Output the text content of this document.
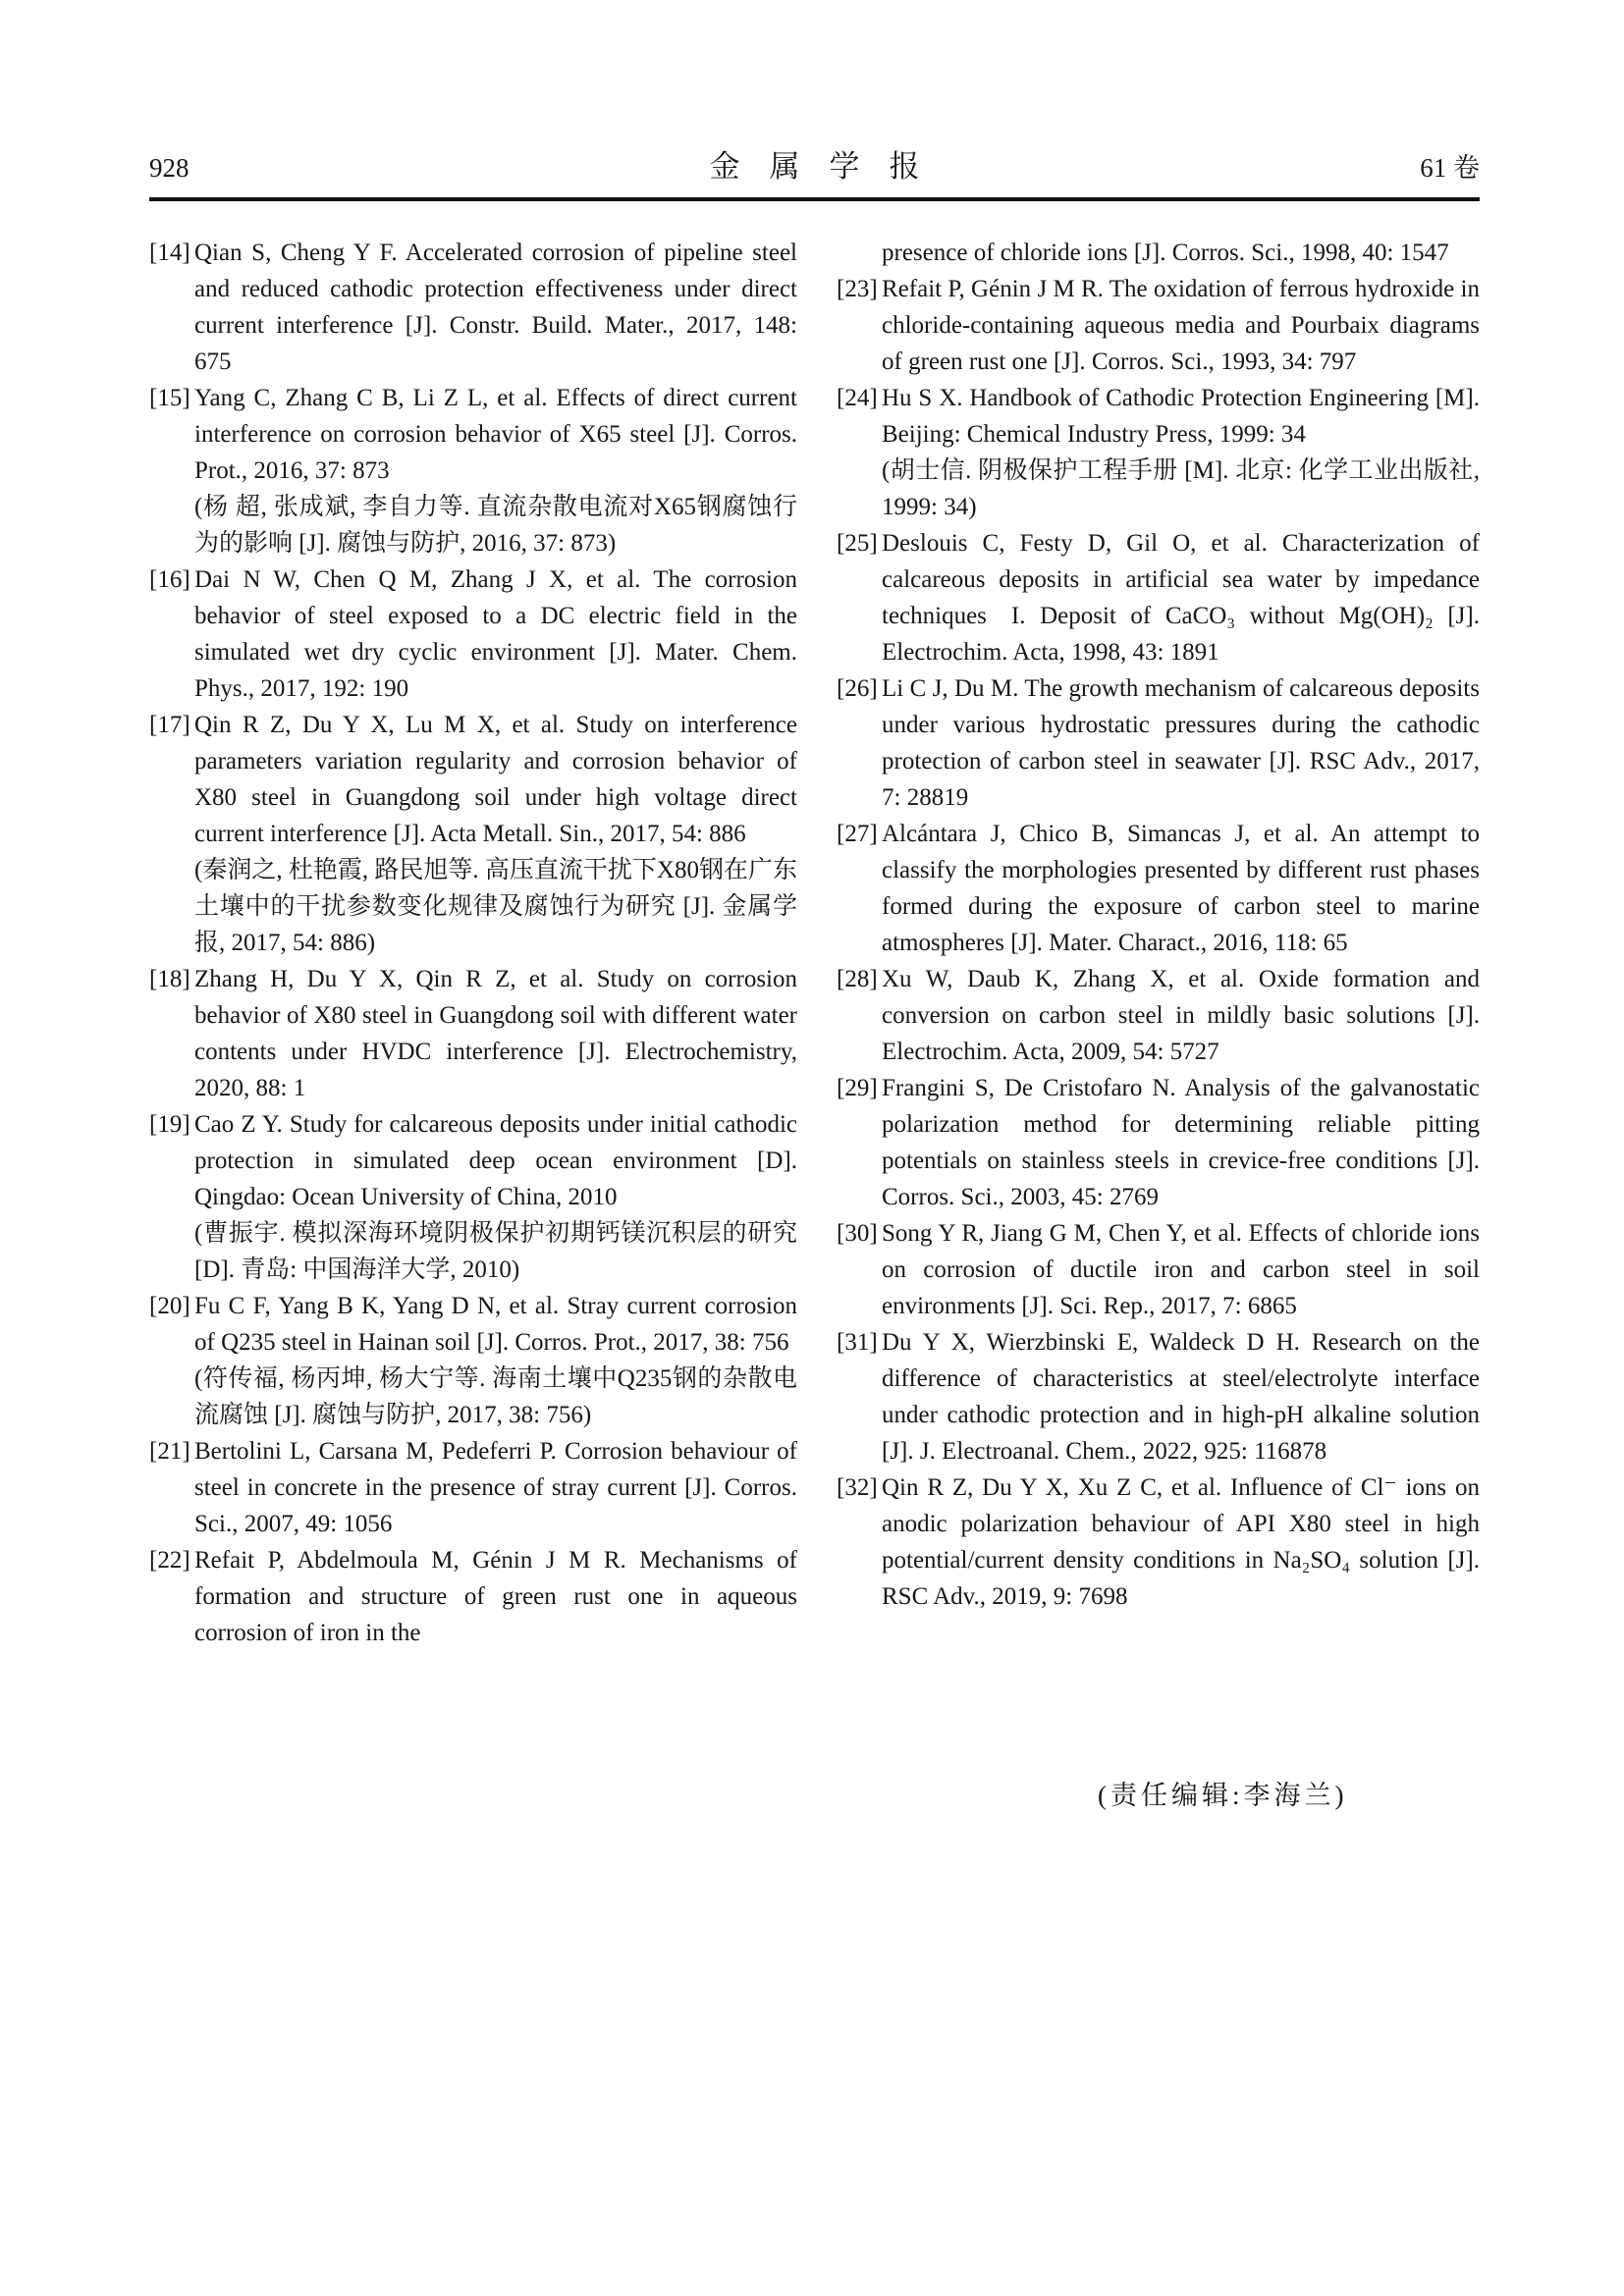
928	金属学报	61 卷
[14] Qian S, Cheng Y F. Accelerated corrosion of pipeline steel and reduced cathodic protection effectiveness under direct current interference [J]. Constr. Build. Mater., 2017, 148: 675
[15] Yang C, Zhang C B, Li Z L, et al. Effects of direct current interference on corrosion behavior of X65 steel [J]. Corros. Prot., 2016, 37: 873
(杨 超, 张成斌, 李自力等. 直流杂散电流对X65钢腐蚀行为的影响 [J]. 腐蚀与防护, 2016, 37: 873)
[16] Dai N W, Chen Q M, Zhang J X, et al. The corrosion behavior of steel exposed to a DC electric field in the simulated wet dry cyclic environment [J]. Mater. Chem. Phys., 2017, 192: 190
[17] Qin R Z, Du Y X, Lu M X, et al. Study on interference parameters variation regularity and corrosion behavior of X80 steel in Guangdong soil under high voltage direct current interference [J]. Acta Metall. Sin., 2017, 54: 886
(秦润之, 杜艳霞, 路民旭等. 高压直流干扰下X80钢在广东土壤中的干扰参数变化规律及腐蚀行为研究 [J]. 金属学报, 2017, 54: 886)
[18] Zhang H, Du Y X, Qin R Z, et al. Study on corrosion behavior of X80 steel in Guangdong soil with different water contents under HVDC interference [J]. Electrochemistry, 2020, 88: 1
[19] Cao Z Y. Study for calcareous deposits under initial cathodic protection in simulated deep ocean environment [D]. Qingdao: Ocean University of China, 2010
(曹振宇. 模拟深海环境阴极保护初期钙镁沉积层的研究 [D]. 青岛: 中国海洋大学, 2010)
[20] Fu C F, Yang B K, Yang D N, et al. Stray current corrosion of Q235 steel in Hainan soil [J]. Corros. Prot., 2017, 38: 756
(符传福, 杨丙坤, 杨大宁等. 海南土壤中Q235钢的杂散电流腐蚀 [J]. 腐蚀与防护, 2017, 38: 756)
[21] Bertolini L, Carsana M, Pedeferri P. Corrosion behaviour of steel in concrete in the presence of stray current [J]. Corros. Sci., 2007, 49: 1056
[22] Refait P, Abdelmoula M, Génin J M R. Mechanisms of formation and structure of green rust one in aqueous corrosion of iron in the
presence of chloride ions [J]. Corros. Sci., 1998, 40: 1547
[23] Refait P, Génin J M R. The oxidation of ferrous hydroxide in chloride-containing aqueous media and Pourbaix diagrams of green rust one [J]. Corros. Sci., 1993, 34: 797
[24] Hu S X. Handbook of Cathodic Protection Engineering [M]. Beijing: Chemical Industry Press, 1999: 34
(胡士信. 阴极保护工程手册 [M]. 北京: 化学工业出版社, 1999: 34)
[25] Deslouis C, Festy D, Gil O, et al. Characterization of calcareous deposits in artificial sea water by impedance techniques I. Deposit of CaCO₃ without Mg(OH)₂ [J]. Electrochim. Acta, 1998, 43: 1891
[26] Li C J, Du M. The growth mechanism of calcareous deposits under various hydrostatic pressures during the cathodic protection of carbon steel in seawater [J]. RSC Adv., 2017, 7: 28819
[27] Alcántara J, Chico B, Simancas J, et al. An attempt to classify the morphologies presented by different rust phases formed during the exposure of carbon steel to marine atmospheres [J]. Mater. Charact., 2016, 118: 65
[28] Xu W, Daub K, Zhang X, et al. Oxide formation and conversion on carbon steel in mildly basic solutions [J]. Electrochim. Acta, 2009, 54: 5727
[29] Frangini S, De Cristofaro N. Analysis of the galvanostatic polarization method for determining reliable pitting potentials on stainless steels in crevice-free conditions [J]. Corros. Sci., 2003, 45: 2769
[30] Song Y R, Jiang G M, Chen Y, et al. Effects of chloride ions on corrosion of ductile iron and carbon steel in soil environments [J]. Sci. Rep., 2017, 7: 6865
[31] Du Y X, Wierzbinski E, Waldeck D H. Research on the difference of characteristics at steel/electrolyte interface under cathodic protection and in high-pH alkaline solution [J]. J. Electroanal. Chem., 2022, 925: 116878
[32] Qin R Z, Du Y X, Xu Z C, et al. Influence of Cl⁻ ions on anodic polarization behaviour of API X80 steel in high potential/current density conditions in Na₂SO₄ solution [J]. RSC Adv., 2019, 9: 7698
(责任编辑:李海兰)
